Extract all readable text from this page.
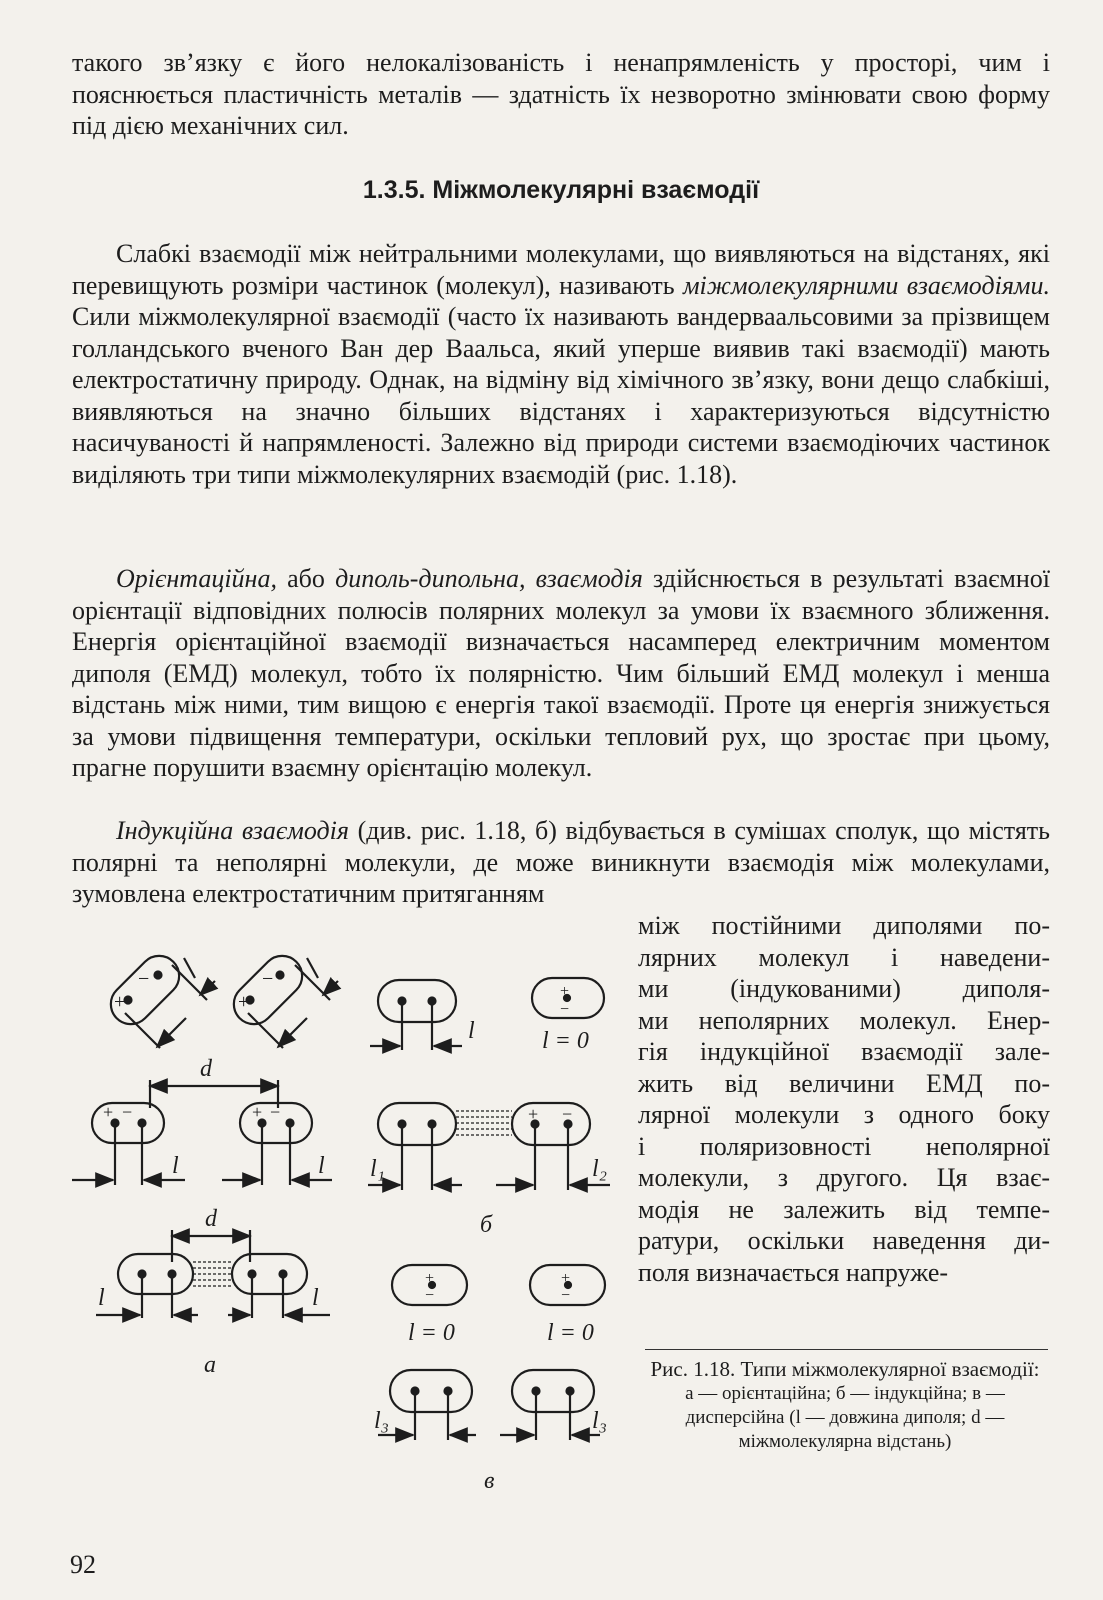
такого зв’язку є його нелокалізованість і ненапрямленість у просторі, чим і пояснюється пластичність металів — здатність їх незворотно змінювати свою форму під дією механічних сил.

1.3.5. Міжмолекулярні взаємодії

Слабкі взаємодії між нейтральними молекулами, що виявляються на відстанях, які перевищують розміри частинок (молекул), називають міжмолекулярними взаємодіями. Сили міжмолекулярної взаємодії (часто їх називають вандерваальсовими за прізвищем голландського вченого Ван дер Ваальса, який уперше виявив такі взаємодії) мають електростатичну природу. Однак, на відміну від хімічного зв’язку, вони дещо слабкіші, виявляються на значно більших відстанях і характеризуються відсутністю насичуваності й напрямленості. Залежно від природи системи взаємодіючих частинок виділяють три типи міжмолекулярних взаємодій (рис. 1.18).

Орієнтаційна, або диполь-дипольна, взаємодія здійснюється в результаті взаємної орієнтації відповідних полюсів полярних молекул за умови їх взаємного зближення. Енергія орієнтаційної взаємодії визначається насамперед електричним моментом диполя (ЕМД) молекул, тобто їх полярністю. Чим більший ЕМД молекул і менша відстань між ними, тим вищою є енергія такої взаємодії. Проте ця енергія знижується за умови підвищення температури, оскільки тепловий рух, що зростає при цьому, прагне порушити взаємну орієнтацію молекул.

Індукційна взаємодія (див. рис. 1.18, б) відбувається в сумішах сполук, що містять полярні та неполярні молекули, де може виникнути взаємодія між молекулами, зумовлена електростатичним притяганням

між постійними диполями по-

лярних молекул і наведени-

ми (індукованими) диполя-

ми неполярних молекул. Енер-

гія індукційної взаємодії зале-

жить від величини ЕМД по-

лярної молекули з одного боку

і поляризовності неполярної

молекули, з другого. Ця взає-

модія не залежить від темпе-

ратури, оскільки наведення ди-

поля визначається напруже-

−
+
−
+
d
+ −	+ −
l	l
d
l	l
а
+
−
l	l = 0
+ −
l₁	l₂
б
+
−
+
−
l = 0	l = 0
l₃	l₃
в

Рис. 1.18. Типи міжмолекулярної взаємодії:
а — орієнтаційна; б — індукційна; в — дисперсійна (l — довжина диполя; d — міжмолекулярна відстань)

92
